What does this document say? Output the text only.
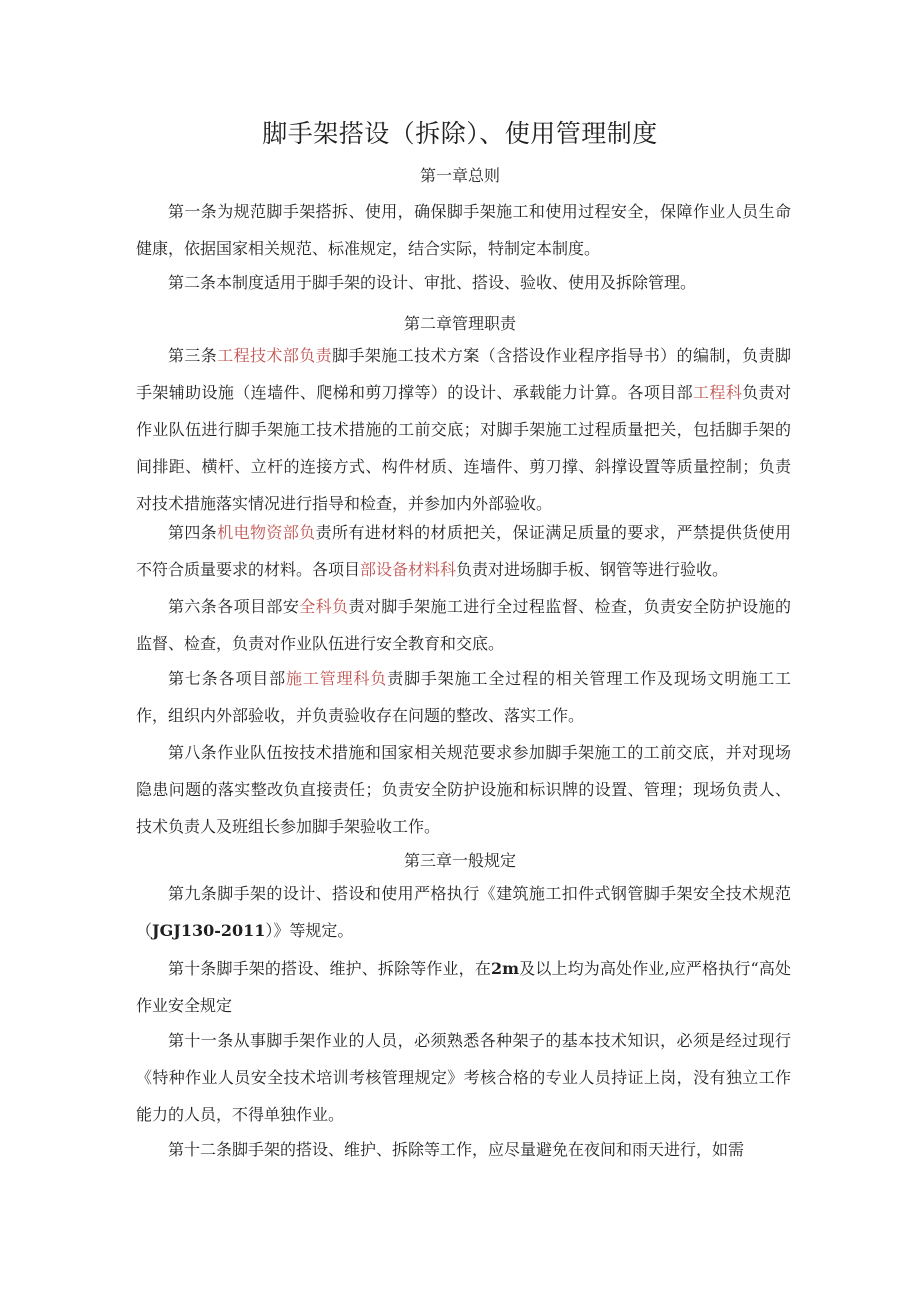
脚手架搭设（拆除）、使用管理制度
第一章总则
第一条为规范脚手架搭拆、使用，确保脚手架施工和使用过程安全，保障作业人员生命健康，依据国家相关规范、标准规定，结合实际，特制定本制度。
第二条本制度适用于脚手架的设计、审批、搭设、验收、使用及拆除管理。
第二章管理职责
第三条工程技术部负责脚手架施工技术方案（含搭设作业程序指导书）的编制，负责脚手架辅助设施（连墙件、爬梯和剪刀撑等）的设计、承载能力计算。各项目部工程科负责对作业队伍进行脚手架施工技术措施的工前交底；对脚手架施工过程质量把关，包括脚手架的间排距、横杆、立杆的连接方式、构件材质、连墙件、剪刀撑、斜撑设置等质量控制；负责对技术措施落实情况进行指导和检查，并参加内外部验收。
第四条机电物资部负责所有进材料的材质把关，保证满足质量的要求，严禁提供货使用不符合质量要求的材料。各项目部设备材料科负责对进场脚手板、钢管等进行验收。
第六条各项目部安全科负责对脚手架施工进行全过程监督、检查，负责安全防护设施的监督、检查，负责对作业队伍进行安全教育和交底。
第七条各项目部施工管理科负责脚手架施工全过程的相关管理工作及现场文明施工工作，组织内外部验收，并负责验收存在问题的整改、落实工作。
第八条作业队伍按技术措施和国家相关规范要求参加脚手架施工的工前交底，并对现场隐患问题的落实整改负直接责任；负责安全防护设施和标识牌的设置、管理；现场负责人、技术负责人及班组长参加脚手架验收工作。
第三章一般规定
第九条脚手架的设计、搭设和使用严格执行《建筑施工扣件式钢管脚手架安全技术规范（JGJ130-2011）》等规定。
第十条脚手架的搭设、维护、拆除等作业，在2m及以上均为高处作业,应严格执行“高处作业安全规定
第十一条从事脚手架作业的人员，必须熟悉各种架子的基本技术知识，必须是经过现行《特种作业人员安全技术培训考核管理规定》考核合格的专业人员持证上岗，没有独立工作能力的人员，不得单独作业。
第十二条脚手架的搭设、维护、拆除等工作，应尽量避免在夜间和雨天进行，如需
